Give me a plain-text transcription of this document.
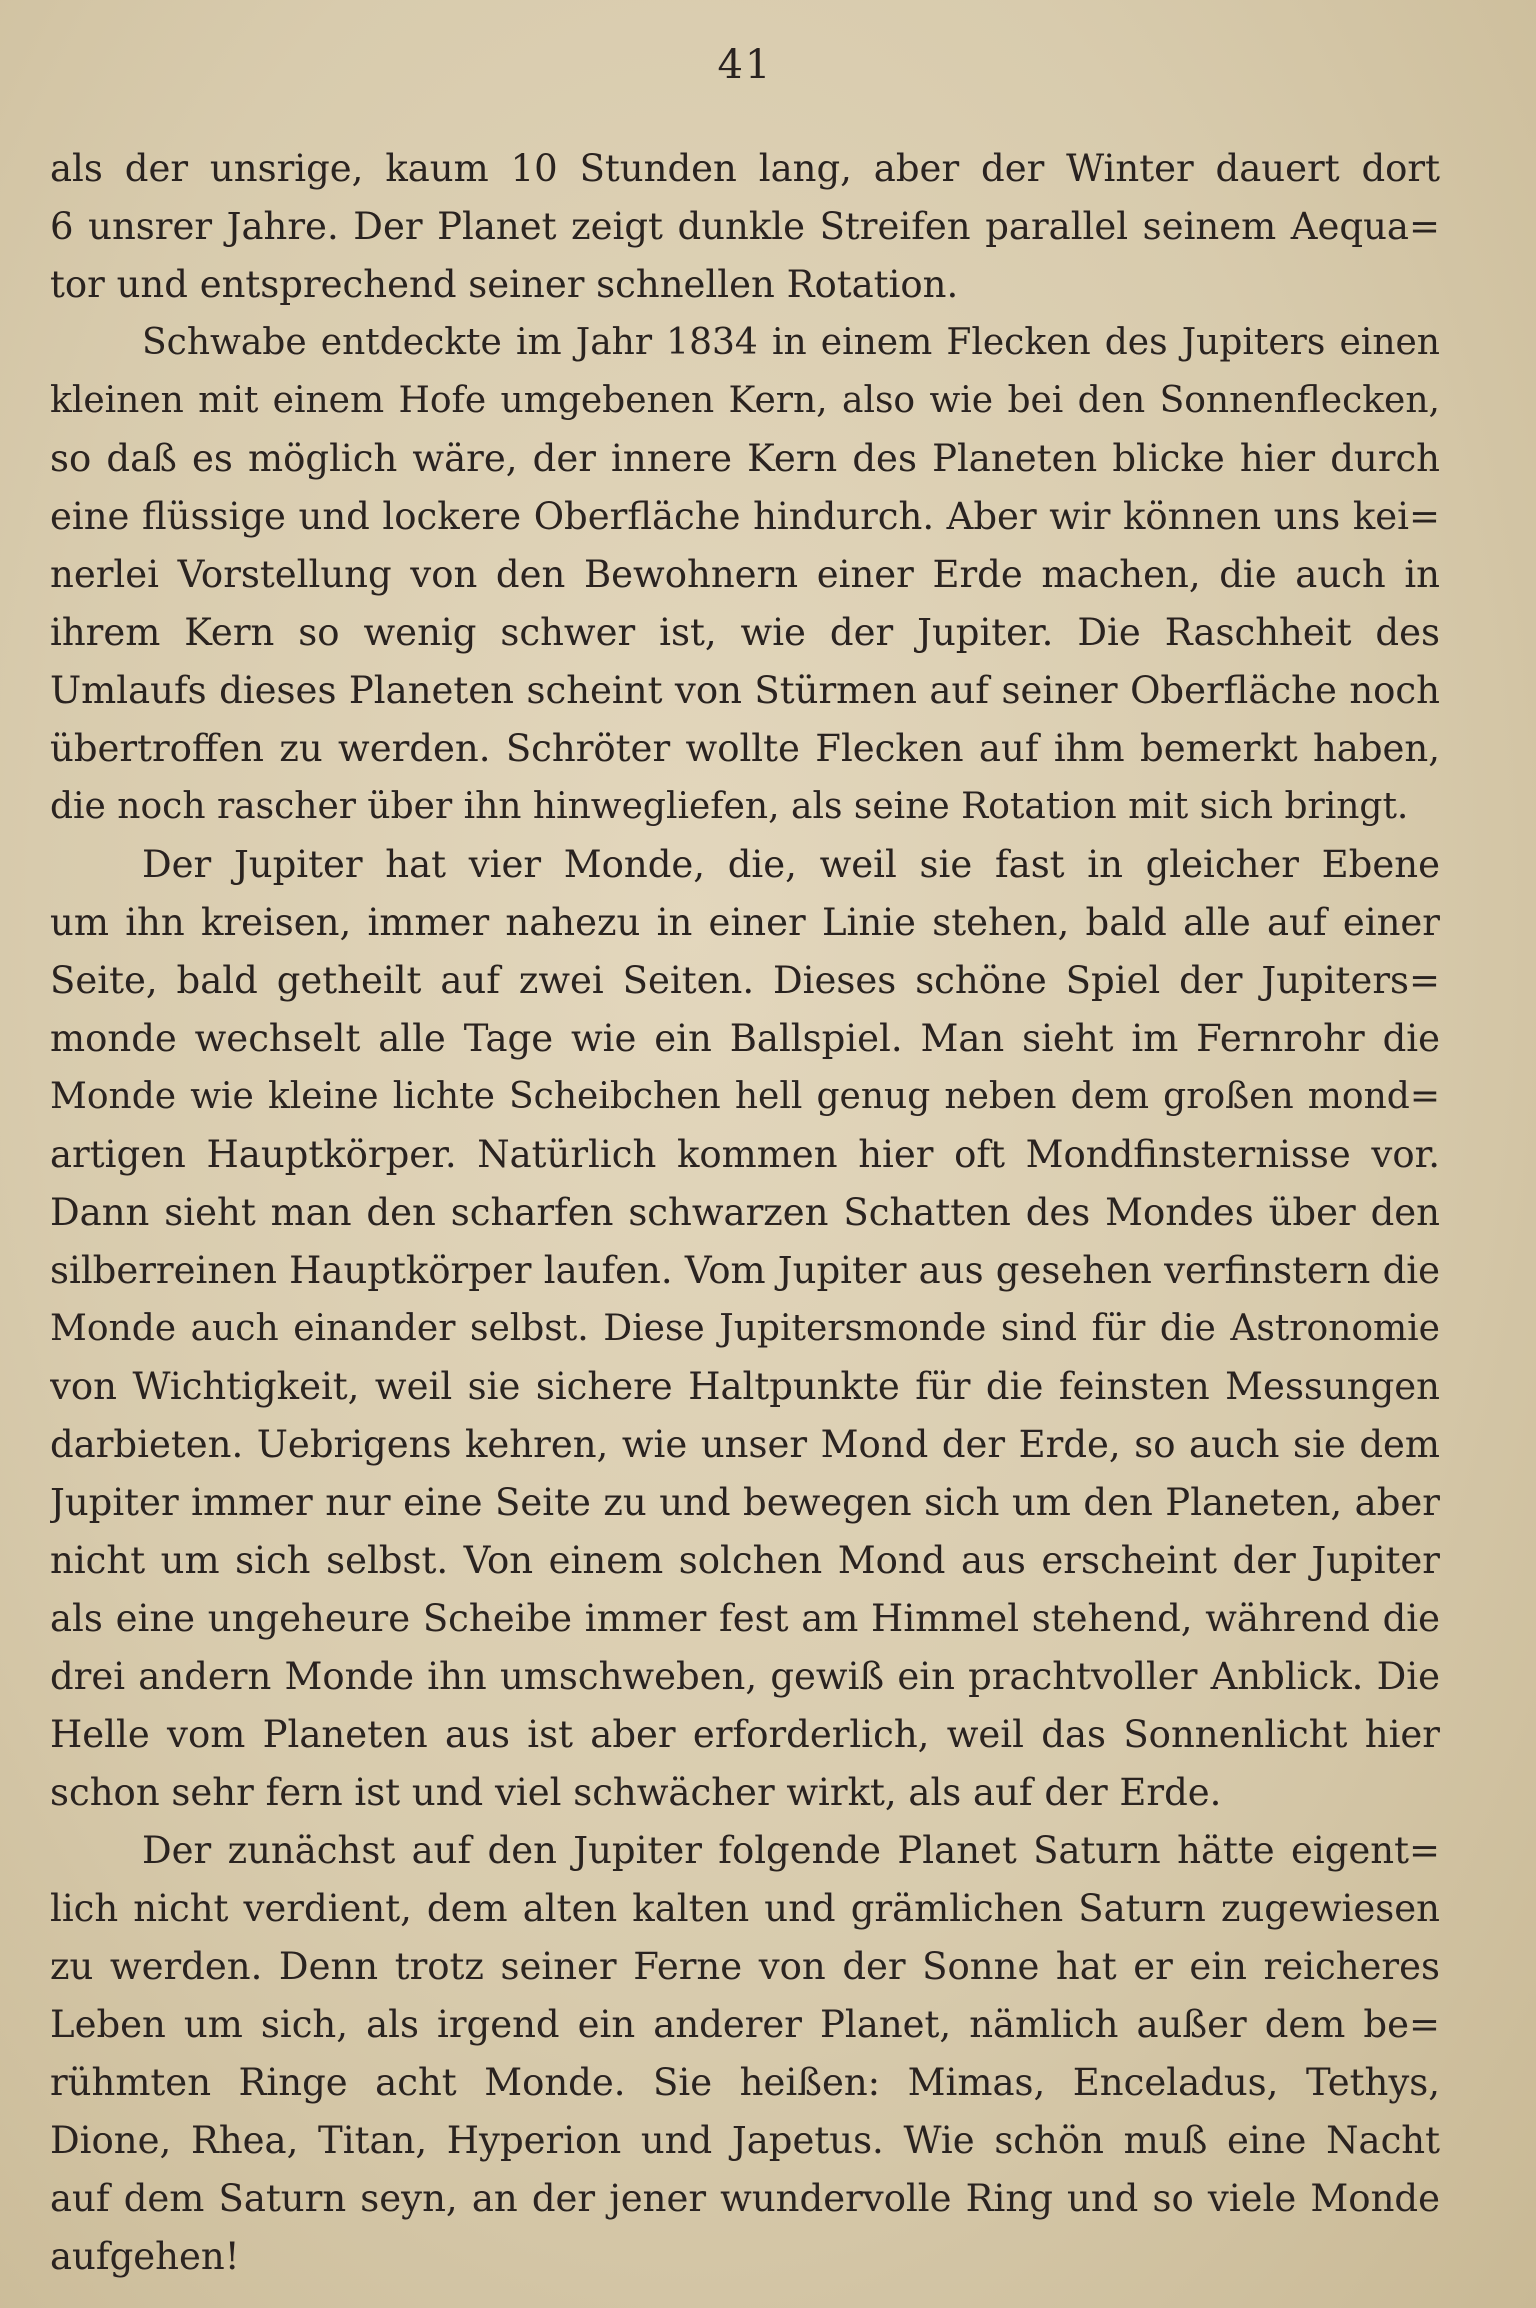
41
als der unsrige, kaum 10 Stunden lang, aber der Winter dauert dort
6 unsrer Jahre. Der Planet zeigt dunkle Streifen parallel seinem Aequa=
tor und entsprechend seiner schnellen Rotation.
Schwabe entdeckte im Jahr 1834 in einem Flecken des Jupiters einen
kleinen mit einem Hofe umgebenen Kern, also wie bei den Sonnenflecken,
so daß es möglich wäre, der innere Kern des Planeten blicke hier durch
eine flüssige und lockere Oberfläche hindurch. Aber wir können uns kei=
nerlei Vorstellung von den Bewohnern einer Erde machen, die auch in
ihrem Kern so wenig schwer ist, wie der Jupiter. Die Raschheit des
Umlaufs dieses Planeten scheint von Stürmen auf seiner Oberfläche noch
übertroffen zu werden. Schröter wollte Flecken auf ihm bemerkt haben,
die noch rascher über ihn hinwegliefen, als seine Rotation mit sich bringt.
Der Jupiter hat vier Monde, die, weil sie fast in gleicher Ebene
um ihn kreisen, immer nahezu in einer Linie stehen, bald alle auf einer
Seite, bald getheilt auf zwei Seiten. Dieses schöne Spiel der Jupiters=
monde wechselt alle Tage wie ein Ballspiel. Man sieht im Fernrohr die
Monde wie kleine lichte Scheibchen hell genug neben dem großen mond=
artigen Hauptkörper. Natürlich kommen hier oft Mondfinsternisse vor.
Dann sieht man den scharfen schwarzen Schatten des Mondes über den
silberreinen Hauptkörper laufen. Vom Jupiter aus gesehen verfinstern die
Monde auch einander selbst. Diese Jupitersmonde sind für die Astronomie
von Wichtigkeit, weil sie sichere Haltpunkte für die feinsten Messungen
darbieten. Uebrigens kehren, wie unser Mond der Erde, so auch sie dem
Jupiter immer nur eine Seite zu und bewegen sich um den Planeten, aber
nicht um sich selbst. Von einem solchen Mond aus erscheint der Jupiter
als eine ungeheure Scheibe immer fest am Himmel stehend, während die
drei andern Monde ihn umschweben, gewiß ein prachtvoller Anblick. Die
Helle vom Planeten aus ist aber erforderlich, weil das Sonnenlicht hier
schon sehr fern ist und viel schwächer wirkt, als auf der Erde.
Der zunächst auf den Jupiter folgende Planet Saturn hätte eigent=
lich nicht verdient, dem alten kalten und grämlichen Saturn zugewiesen
zu werden. Denn trotz seiner Ferne von der Sonne hat er ein reicheres
Leben um sich, als irgend ein anderer Planet, nämlich außer dem be=
rühmten Ringe acht Monde. Sie heißen: Mimas, Enceladus, Tethys,
Dione, Rhea, Titan, Hyperion und Japetus. Wie schön muß eine Nacht
auf dem Saturn seyn, an der jener wundervolle Ring und so viele Monde
aufgehen!
